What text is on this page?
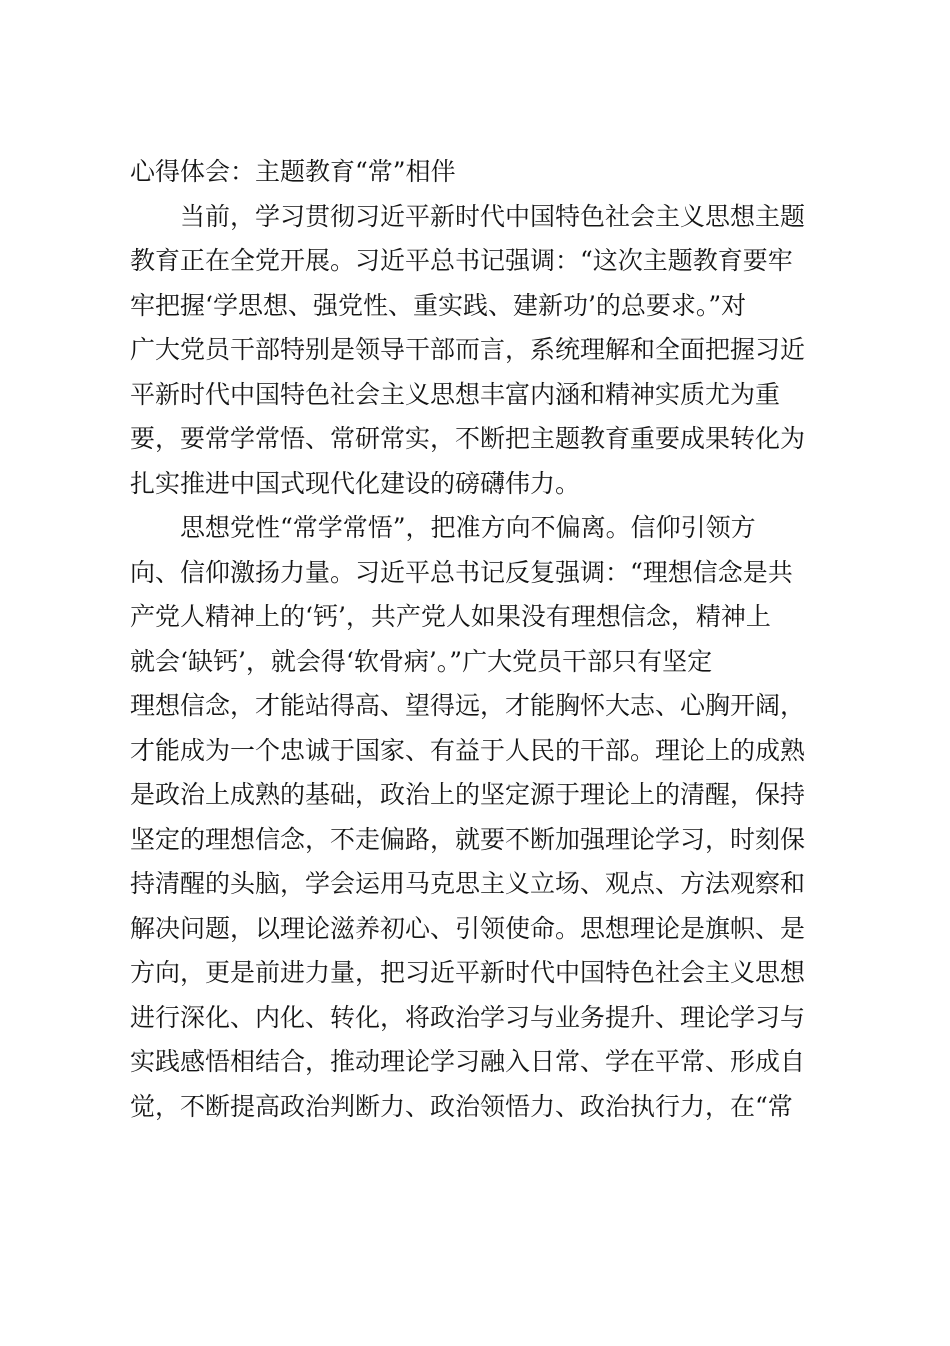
心得体会：主题教育“常”相伴

当前，学习贯彻习近平新时代中国特色社会主义思想主题
教育正在全党开展。习近平总书记强调：“这次主题教育要牢
牢把握‘学思想、强党性、重实践、建新功’的总要求。”对
广大党员干部特别是领导干部而言，系统理解和全面把握习近
平新时代中国特色社会主义思想丰富内涵和精神实质尤为重
要，要常学常悟、常研常实，不断把主题教育重要成果转化为
扎实推进中国式现代化建设的磅礴伟力。

思想党性“常学常悟”，把准方向不偏离。信仰引领方
向、信仰激扬力量。习近平总书记反复强调：“理想信念是共
产党人精神上的‘钙’，共产党人如果没有理想信念，精神上
就会‘缺钙’，就会得‘软骨病’。”广大党员干部只有坚定
理想信念，才能站得高、望得远，才能胸怀大志、心胸开阔，
才能成为一个忠诚于国家、有益于人民的干部。理论上的成熟
是政治上成熟的基础，政治上的坚定源于理论上的清醒，保持
坚定的理想信念，不走偏路，就要不断加强理论学习，时刻保
持清醒的头脑，学会运用马克思主义立场、观点、方法观察和
解决问题，以理论滋养初心、引领使命。思想理论是旗帜、是
方向，更是前进力量，把习近平新时代中国特色社会主义思想
进行深化、内化、转化，将政治学习与业务提升、理论学习与
实践感悟相结合，推动理论学习融入日常、学在平常、形成自
觉，不断提高政治判断力、政治领悟力、政治执行力，在“常
